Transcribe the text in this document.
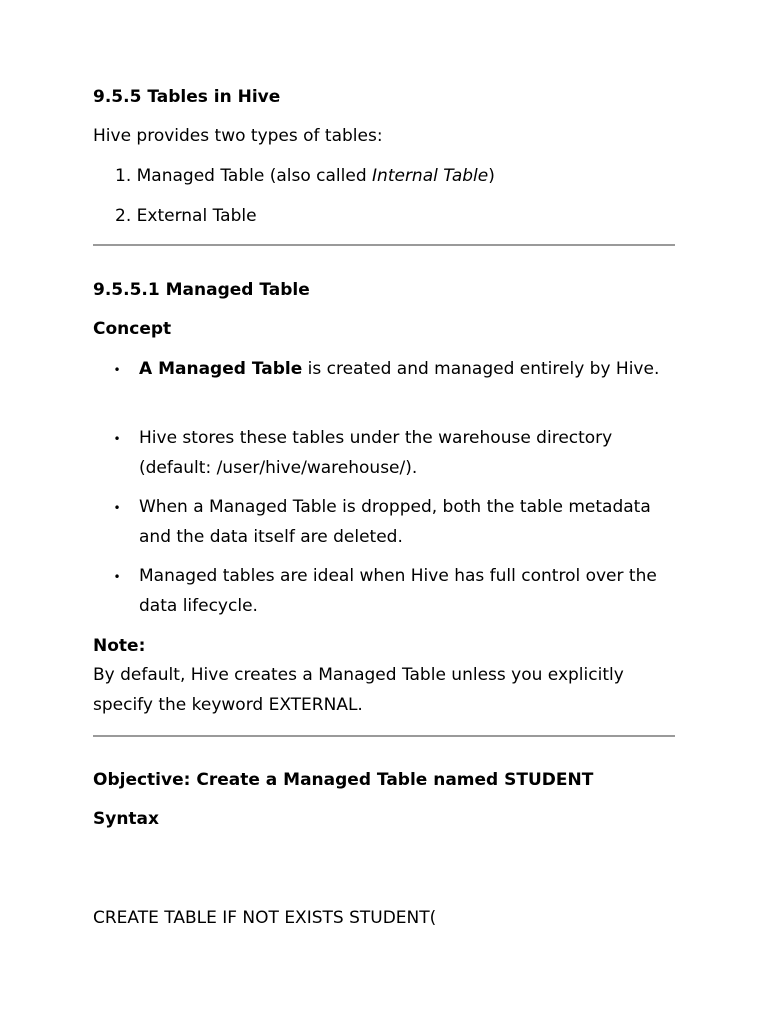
9.5.5 Tables in Hive
Hive provides two types of tables:
1. Managed Table (also called Internal Table)
2. External Table
9.5.5.1 Managed Table
Concept
• A Managed Table is created and managed entirely by Hive.
• Hive stores these tables under the warehouse directory (default: /user/hive/warehouse/).
• When a Managed Table is dropped, both the table metadata and the data itself are deleted.
• Managed tables are ideal when Hive has full control over the data lifecycle.
Note:
By default, Hive creates a Managed Table unless you explicitly specify the keyword EXTERNAL.
Objective: Create a Managed Table named STUDENT
Syntax
CREATE TABLE IF NOT EXISTS STUDENT(
